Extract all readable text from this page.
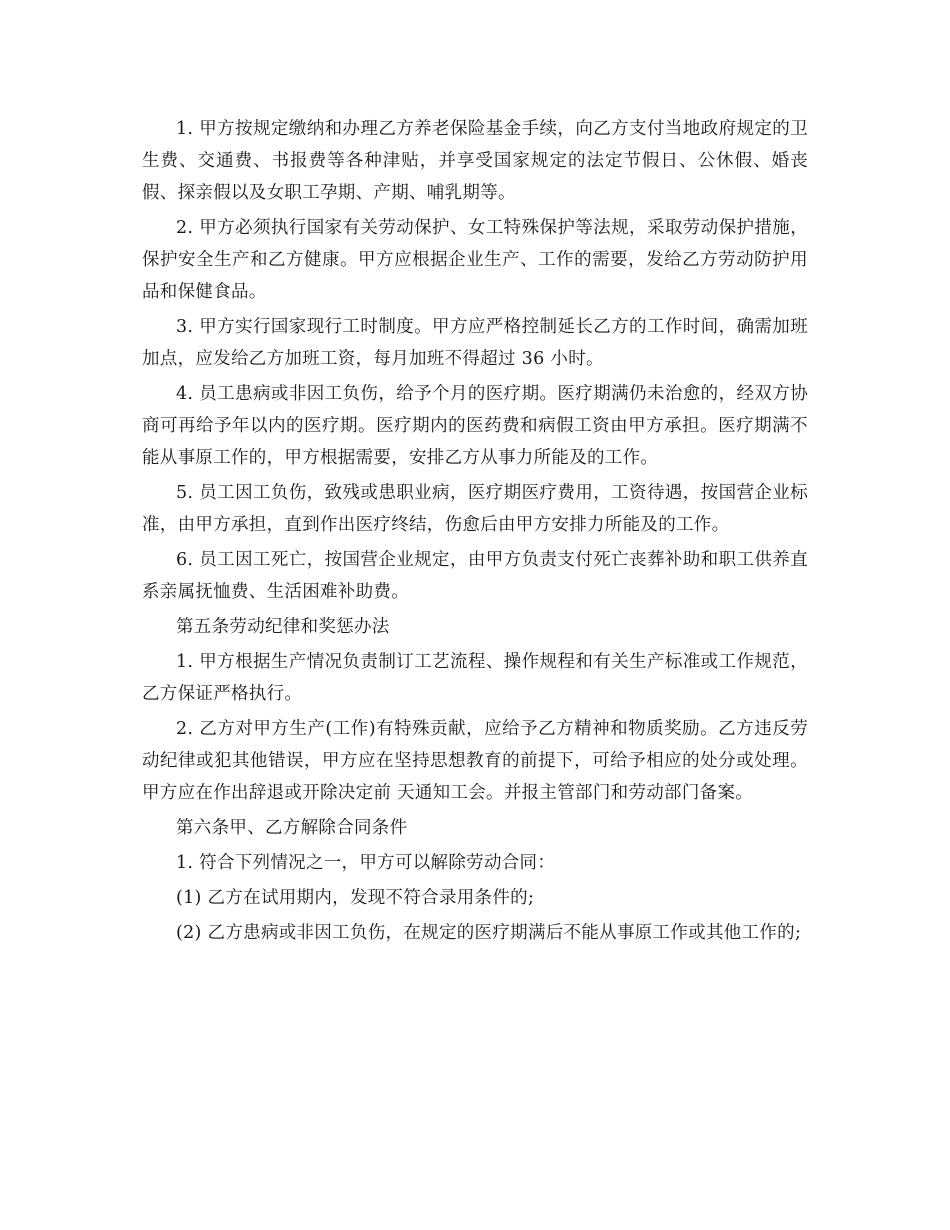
1. 甲方按规定缴纳和办理乙方养老保险基金手续，向乙方支付当地政府规定的卫生费、交通费、书报费等各种津贴，并享受国家规定的法定节假日、公休假、婚丧假、探亲假以及女职工孕期、产期、哺乳期等。

2. 甲方必须执行国家有关劳动保护、女工特殊保护等法规，采取劳动保护措施，保护安全生产和乙方健康。甲方应根据企业生产、工作的需要，发给乙方劳动防护用品和保健食品。

3. 甲方实行国家现行工时制度。甲方应严格控制延长乙方的工作时间，确需加班加点，应发给乙方加班工资，每月加班不得超过 36 小时。

4. 员工患病或非因工负伤，给予个月的医疗期。医疗期满仍未治愈的，经双方协商可再给予年以内的医疗期。医疗期内的医药费和病假工资由甲方承担。医疗期满不能从事原工作的，甲方根据需要，安排乙方从事力所能及的工作。

5. 员工因工负伤，致残或患职业病，医疗期医疗费用，工资待遇，按国营企业标准，由甲方承担，直到作出医疗终结，伤愈后由甲方安排力所能及的工作。

6. 员工因工死亡，按国营企业规定，由甲方负责支付死亡丧葬补助和职工供养直系亲属抚恤费、生活困难补助费。

第五条劳动纪律和奖惩办法

1. 甲方根据生产情况负责制订工艺流程、操作规程和有关生产标准或工作规范，乙方保证严格执行。

2. 乙方对甲方生产(工作)有特殊贡献，应给予乙方精神和物质奖励。乙方违反劳动纪律或犯其他错误，甲方应在坚持思想教育的前提下，可给予相应的处分或处理。甲方应在作出辞退或开除决定前 天通知工会。并报主管部门和劳动部门备案。

第六条甲、乙方解除合同条件

1. 符合下列情况之一，甲方可以解除劳动合同：

(1) 乙方在试用期内，发现不符合录用条件的;

(2) 乙方患病或非因工负伤，在规定的医疗期满后不能从事原工作或其他工作的;
